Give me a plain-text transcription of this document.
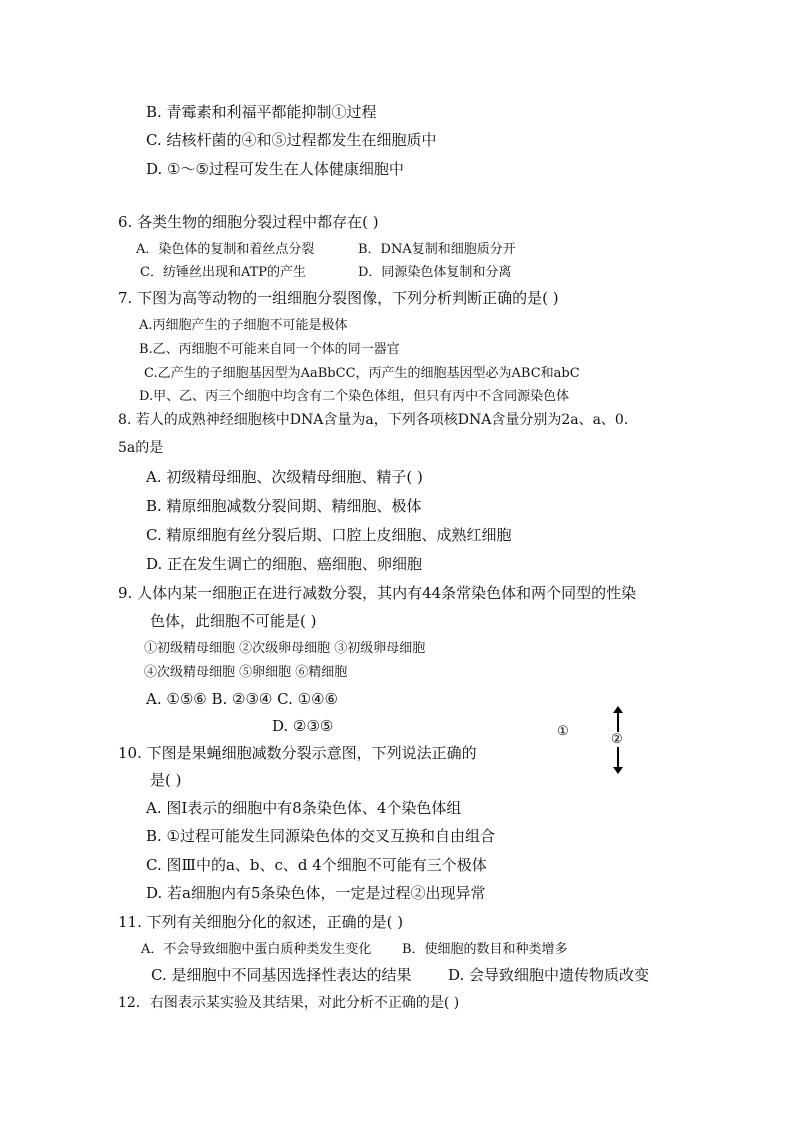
B. 青霉素和利福平都能抑制①过程
C. 结核杆菌的④和⑤过程都发生在细胞质中
D. ①～⑤过程可发生在人体健康细胞中
6. 各类生物的细胞分裂过程中都存在( )
A．染色体的复制和着丝点分裂	B．DNA复制和细胞质分开
C．纺锤丝出现和ATP的产生	D．同源染色体复制和分离
7. 下图为高等动物的一组细胞分裂图像，下列分析判断正确的是( )
A.丙细胞产生的子细胞不可能是极体
B.乙、丙细胞不可能来自同一个体的同一器官
C.乙产生的子细胞基因型为AaBbCC，丙产生的细胞基因型必为ABC和abC
D.甲、乙、丙三个细胞中均含有二个染色体组，但只有丙中不含同源染色体
8. 若人的成熟神经细胞核中DNA含量为a，下列各项核DNA含量分别为2a、a、0.
5a的是
A. 初级精母细胞、次级精母细胞、精子( )
B. 精原细胞减数分裂间期、精细胞、极体
C. 精原细胞有丝分裂后期、口腔上皮细胞、成熟红细胞
D. 正在发生调亡的细胞、癌细胞、卵细胞
9. 人体内某一细胞正在进行减数分裂，其内有44条常染色体和两个同型的性染
色体，此细胞不可能是( )
①初级精母细胞 ②次级卵母细胞 ③初级卵母细胞
④次级精母细胞 ⑤卵细胞 ⑥精细胞
A. ①⑤⑥ B. ②③④ C. ①④⑥
D. ②③⑤
10. 下图是果蝇细胞减数分裂示意图，下列说法正确的
是( )
A. 图Ⅰ表示的细胞中有8条染色体、4个染色体组
B. ①过程可能发生同源染色体的交叉互换和自由组合
C. 图Ⅲ中的a、b、c、d 4个细胞不可能有三个极体
D. 若a细胞内有5条染色体，一定是过程②出现异常
11. 下列有关细胞分化的叙述，正确的是( )
A．不会导致细胞中蛋白质种类发生变化 B．使细胞的数目和种类增多
C. 是细胞中不同基因选择性表达的结果 D. 会导致细胞中遗传物质改变
12．右图表示某实验及其结果，对此分析不正确的是( )
①
②
